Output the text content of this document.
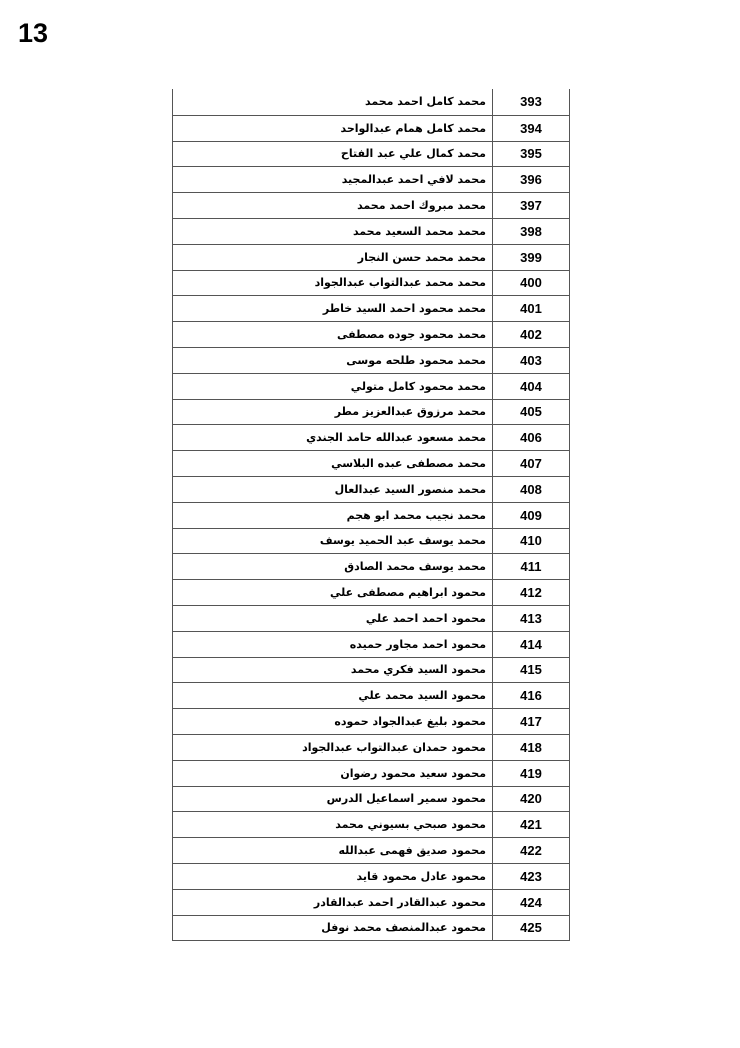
13
محمد كامل احمد محمد	393
محمد كامل همام عبدالواحد	394
محمد كمال علي عبد الفتاح	395
محمد لافي احمد عبدالمجيد	396
محمد مبروك احمد محمد	397
محمد محمد السعيد محمد	398
محمد محمد حسن النجار	399
محمد محمد عبدالتواب عبدالجواد	400
محمد محمود احمد السيد خاطر	401
محمد محمود جوده مصطفى	402
محمد محمود طلحه موسى	403
محمد محمود كامل متولي	404
محمد مرزوق عبدالعزيز مطر	405
محمد مسعود عبدالله حامد الجندي	406
محمد مصطفى عبده البلاسي	407
محمد منصور السيد عبدالعال	408
محمد نجيب محمد ابو هجم	409
محمد يوسف عبد الحميد يوسف	410
محمد يوسف محمد الصادق	411
محمود ابراهيم مصطفى علي	412
محمود احمد احمد علي	413
محمود احمد مجاور حميده	414
محمود السيد فكري محمد	415
محمود السيد محمد علي	416
محمود بليغ عبدالجواد حموده	417
محمود حمدان عبدالتواب عبدالجواد	418
محمود سعيد محمود رضوان	419
محمود سمير اسماعيل الدرس	420
محمود صبحي بسيوني محمد	421
محمود صديق فهمى عبدالله	422
محمود عادل محمود قايد	423
محمود عبدالقادر احمد عبدالقادر	424
محمود عبدالمنصف محمد نوفل	425
